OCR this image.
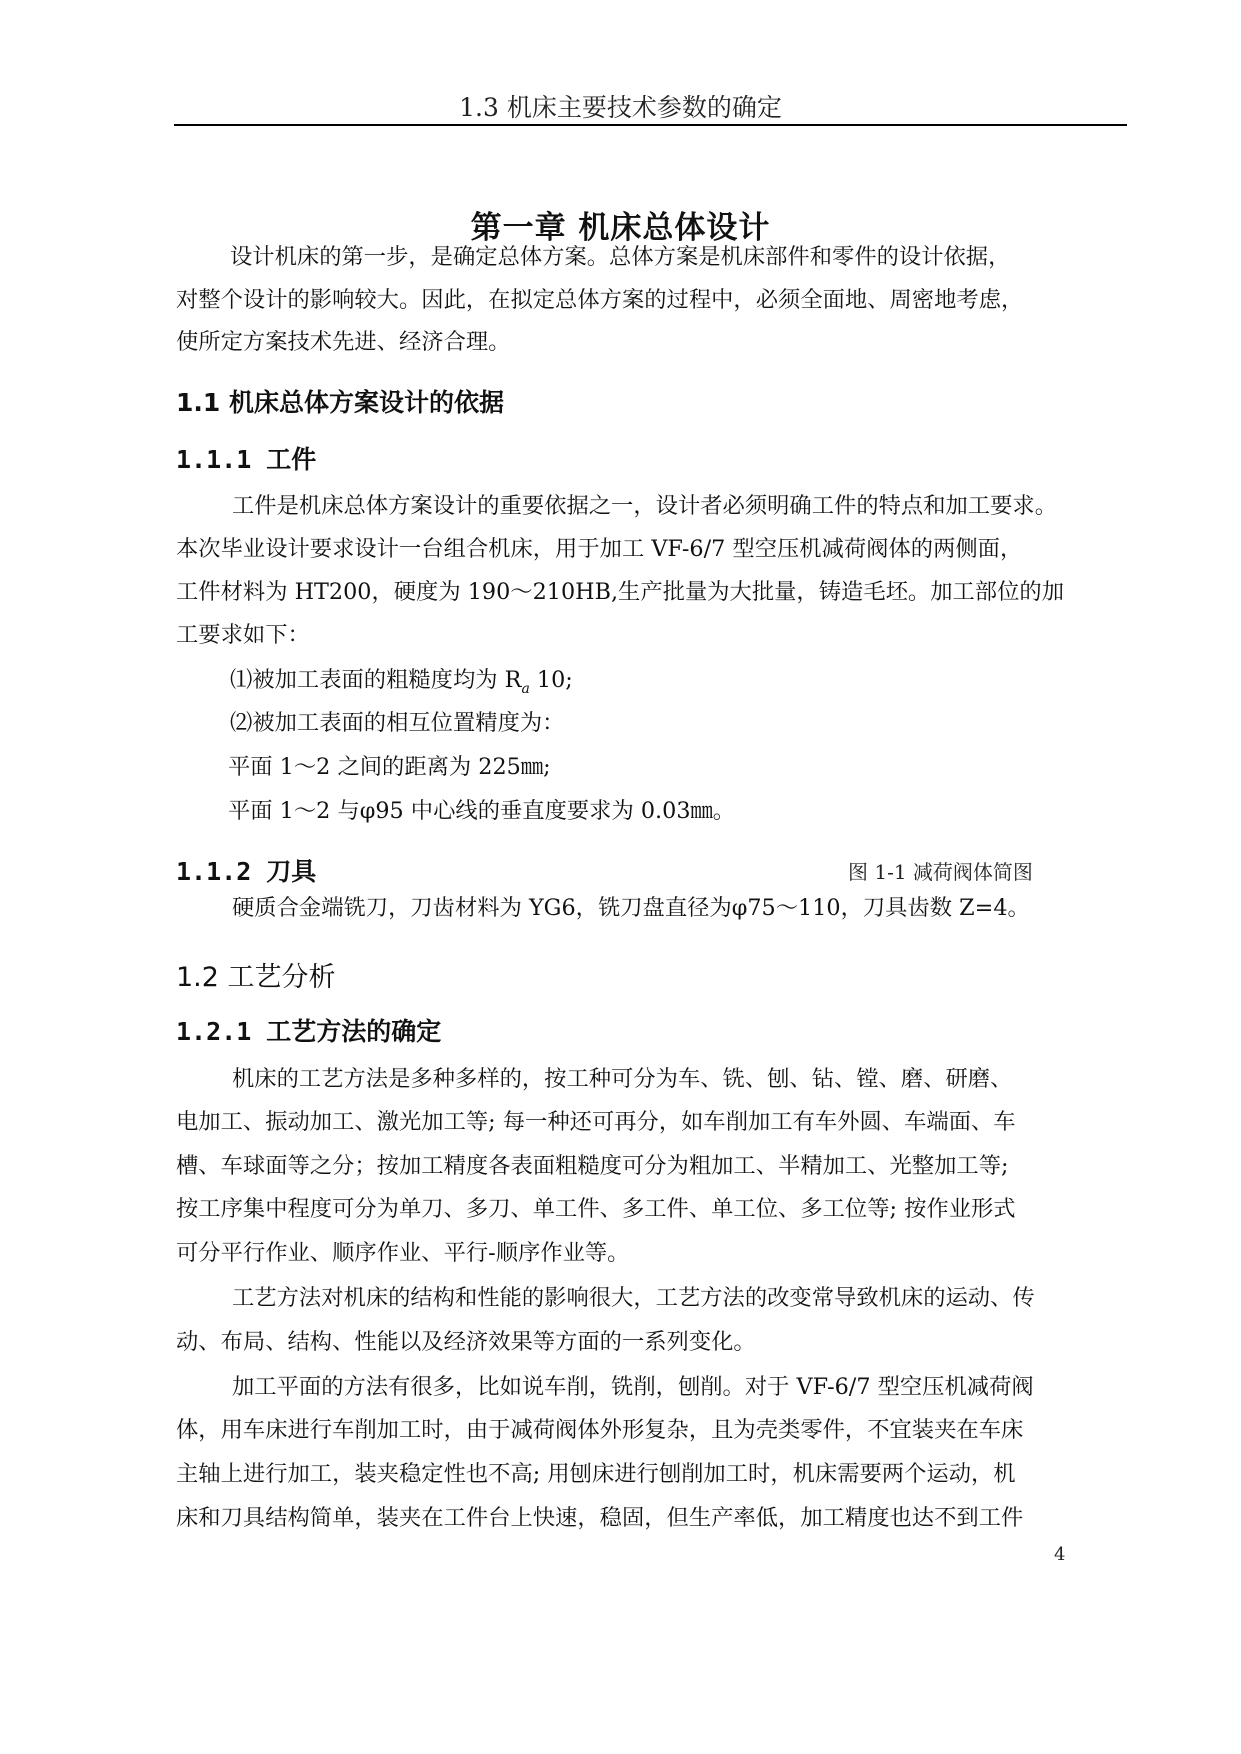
1.3 机床主要技术参数的确定
第一章 机床总体设计
设计机床的第一步，是确定总体方案。总体方案是机床部件和零件的设计依据，
对整个设计的影响较大。因此，在拟定总体方案的过程中，必须全面地、周密地考虑，
使所定方案技术先进、经济合理。
1.1 机床总体方案设计的依据
1.1.1 工件
工件是机床总体方案设计的重要依据之一，设计者必须明确工件的特点和加工要求。
本次毕业设计要求设计一台组合机床，用于加工 VF-6/7 型空压机减荷阀体的两侧面，
工件材料为 HT200，硬度为 190～210HB,生产批量为大批量，铸造毛坯。加工部位的加
工要求如下：
⑴被加工表面的粗糙度均为 $R_a$ 10;
⑵被加工表面的相互位置精度为：
平面 1～2 之间的距离为 225㎜;
平面 1～2 与φ95 中心线的垂直度要求为 0.03㎜。
1.1.2 刀具	图 1-1 减荷阀体简图
硬质合金端铣刀，刀齿材料为 YG6，铣刀盘直径为φ75～110，刀具齿数 Z=4。
1.2 工艺分析
1.2.1 工艺方法的确定
机床的工艺方法是多种多样的，按工种可分为车、铣、刨、钻、镗、磨、研磨、
电加工、振动加工、激光加工等; 每一种还可再分，如车削加工有车外圆、车端面、车
槽、车球面等之分；按加工精度各表面粗糙度可分为粗加工、半精加工、光整加工等;
按工序集中程度可分为单刀、多刀、单工件、多工件、单工位、多工位等; 按作业形式
可分平行作业、顺序作业、平行-顺序作业等。
工艺方法对机床的结构和性能的影响很大，工艺方法的改变常导致机床的运动、传
动、布局、结构、性能以及经济效果等方面的一系列变化。
加工平面的方法有很多，比如说车削，铣削，刨削。对于 VF-6/7 型空压机减荷阀
体，用车床进行车削加工时，由于减荷阀体外形复杂，且为壳类零件，不宜装夹在车床
主轴上进行加工，装夹稳定性也不高; 用刨床进行刨削加工时，机床需要两个运动，机
床和刀具结构简单，装夹在工件台上快速，稳固，但生产率低，加工精度也达不到工件
4
